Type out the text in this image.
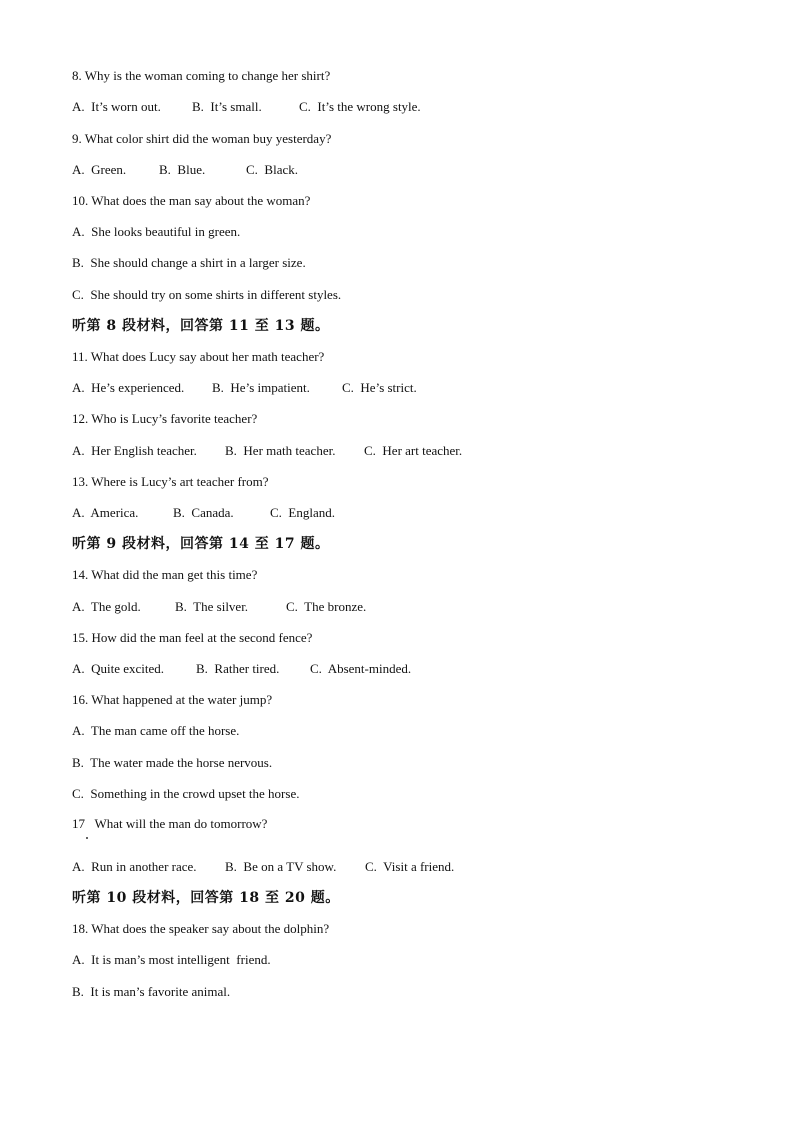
8. Why is the woman coming to change her shirt?

A.  It’s worn out.

B.  It’s small.

	C.  It’s the wrong style.

9. What color shirt did the woman buy yesterday?

A.  Green.

	B.  Blue.

	C.  Black.

10. What does the man say about the woman?
A.  She looks beautiful in green.
B.  She should change a shirt in a larger size.
C.  She should try on some shirts in different styles.
听第 8 段材料，回答第 11 至 13 题。
11. What does Lucy say about her math teacher?

A.  He’s experienced.

B.  He’s impatient.

C.  He’s strict.

12. Who is Lucy’s favorite teacher?

A.  Her English teacher.

B.  Her math teacher.

C.  Her art teacher.

13. Where is Lucy’s art teacher from?

A.  America.

	B.  Canada.

	C.  England.

听第 9 段材料，回答第 14 至 17 题。
14. What did the man get this time?

A.  The gold.

	B.  The silver.

	C.  The bronze.

15. How did the man feel at the second fence?

A.  Quite excited.

B.  Rather tired.

C.  Absent-minded.

16. What happened at the water jump?
A.  The man came off the horse.
B.  The water made the horse nervous.
C.  Something in the crowd upset the horse.
17   What will the man do tomorrow?

A.  Run in another race.

B.  Be on a TV show.

C.  Visit a friend.

听第 10 段材料，回答第 18 至 20 题。
18. What does the speaker say about the dolphin?
A.  It is man’s most intelligent  friend.
B.  It is man’s favorite animal.
